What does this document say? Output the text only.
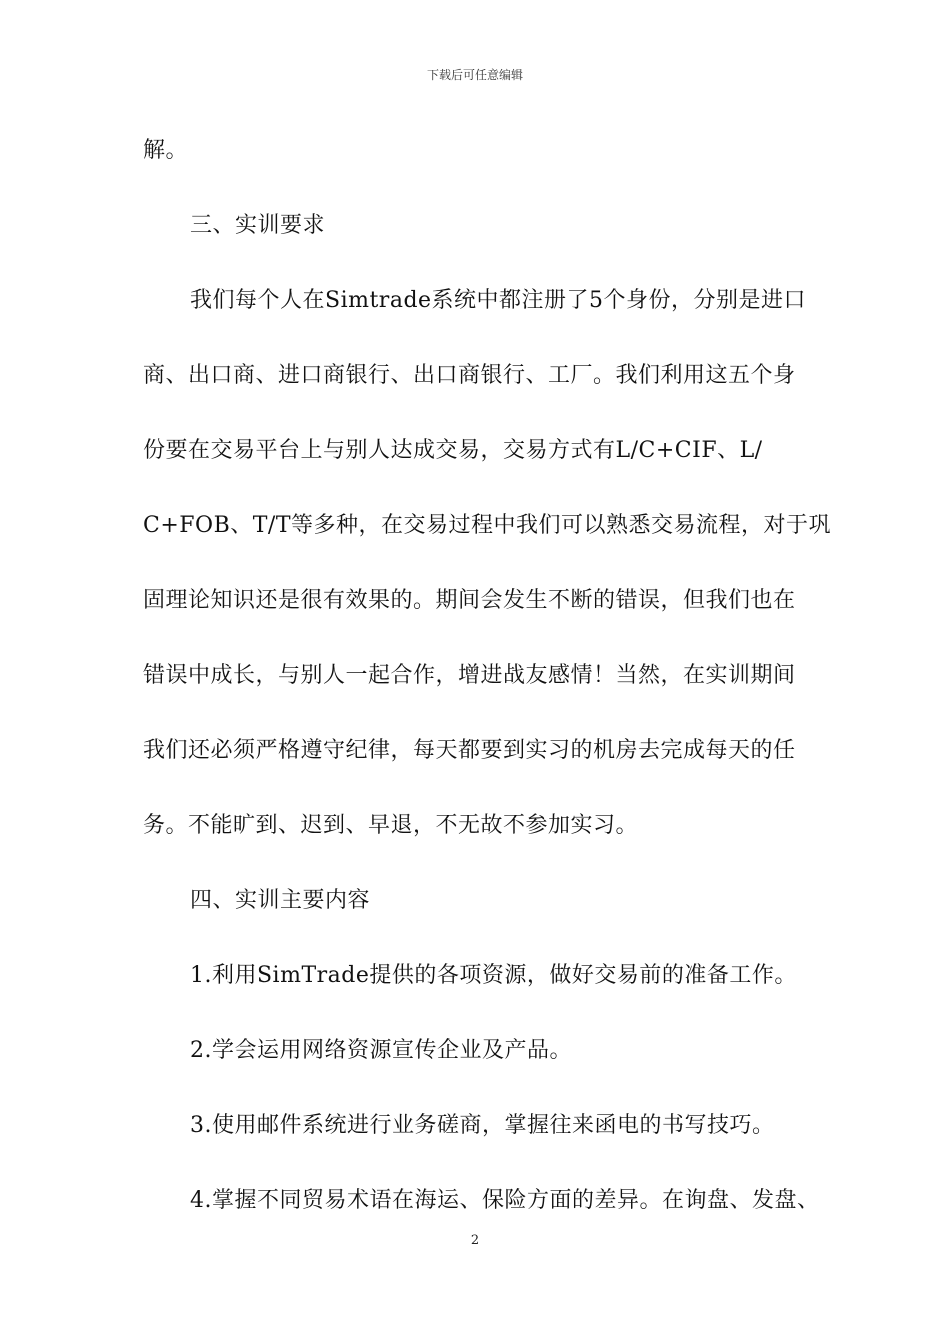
下载后可任意编辑
解。
三、实训要求
我们每个人在Simtrade系统中都注册了5个身份，分别是进口
商、出口商、进口商银行、出口商银行、工厂。我们利用这五个身
份要在交易平台上与别人达成交易，交易方式有L/C+CIF、L/
C+FOB、T/T等多种，在交易过程中我们可以熟悉交易流程，对于巩
固理论知识还是很有效果的。期间会发生不断的错误，但我们也在
错误中成长，与别人一起合作，增进战友感情！当然，在实训期间
我们还必须严格遵守纪律，每天都要到实习的机房去完成每天的任
务。不能旷到、迟到、早退，不无故不参加实习。
四、实训主要内容
1.利用SimTrade提供的各项资源，做好交易前的准备工作。
2.学会运用网络资源宣传企业及产品。
3.使用邮件系统进行业务磋商，掌握往来函电的书写技巧。
4.掌握不同贸易术语在海运、保险方面的差异。在询盘、发盘、
2
